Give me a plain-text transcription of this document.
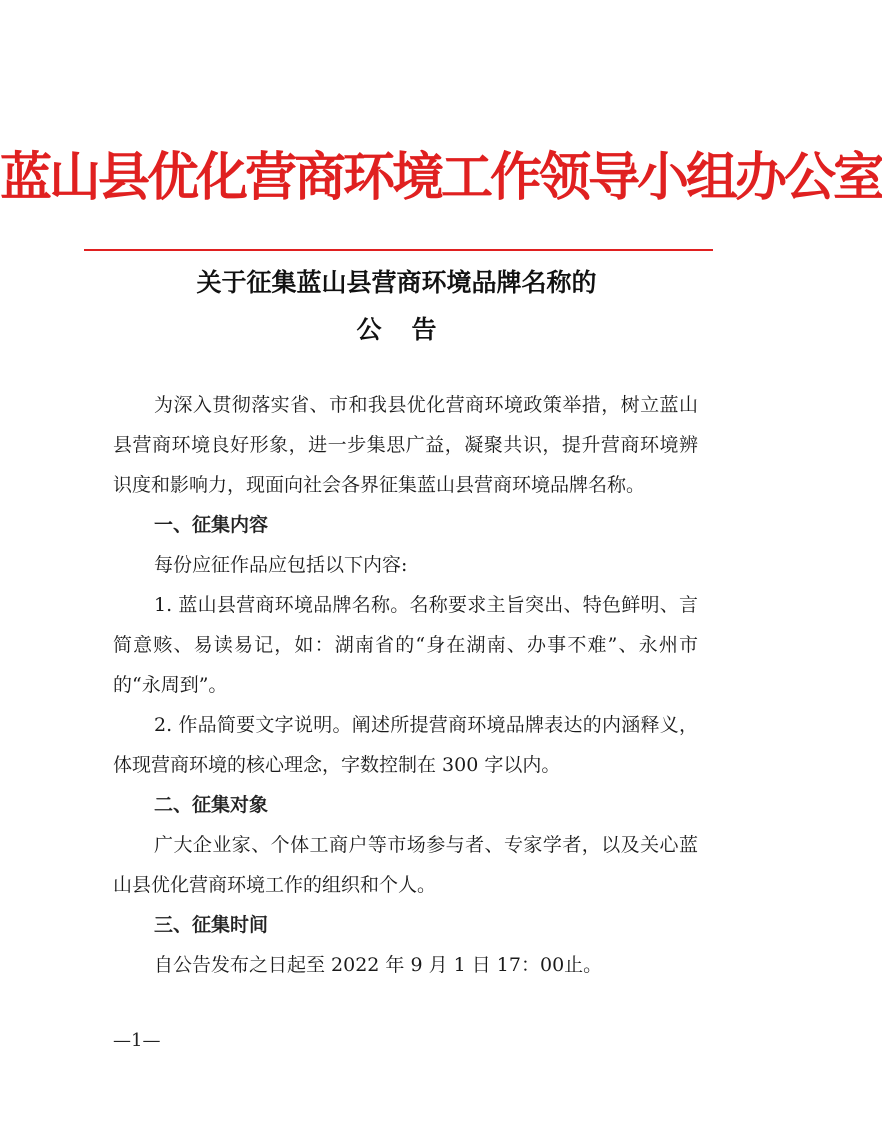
蓝山县优化营商环境工作领导小组办公室
关于征集蓝山县营商环境品牌名称的
公告

为深入贯彻落实省、市和我县优化营商环境政策举措，树立蓝山县营商环境良好形象，进一步集思广益，凝聚共识，提升营商环境辨识度和影响力，现面向社会各界征集蓝山县营商环境品牌名称。

一、征集内容

每份应征作品应包括以下内容:

1. 蓝山县营商环境品牌名称。名称要求主旨突出、特色鲜明、言简意赅、易读易记，如：湖南省的“身在湖南、办事不难”、永州市的“永周到”。

2. 作品简要文字说明。阐述所提营商环境品牌表达的内涵释义，体现营商环境的核心理念，字数控制在 300 字以内。

二、征集对象

广大企业家、个体工商户等市场参与者、专家学者，以及关心蓝山县优化营商环境工作的组织和个人。

三、征集时间

自公告发布之日起至 2022 年 9 月 1 日 17：00止。

—1—
